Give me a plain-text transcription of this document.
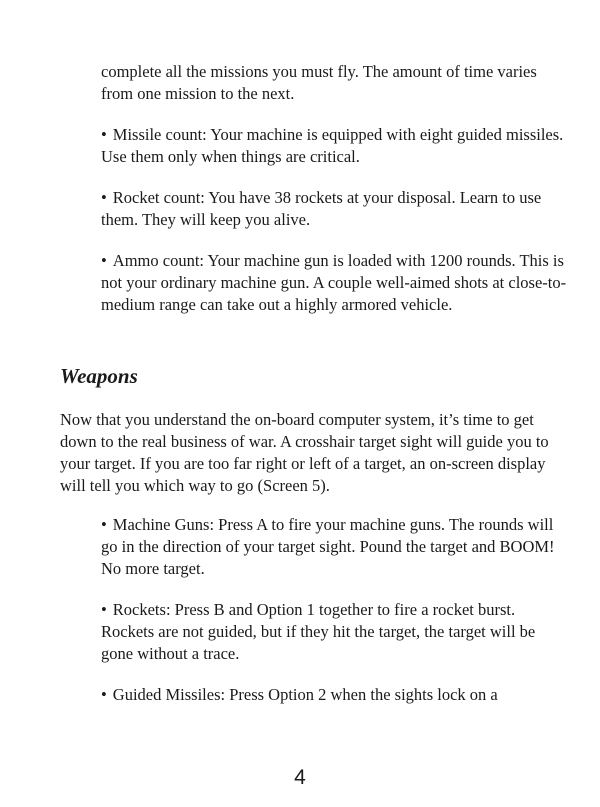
complete all the missions you must fly. The amount of time varies from one mission to the next.

• Missile count: Your machine is equipped with eight guided missiles. Use them only when things are critical.

• Rocket count: You have 38 rockets at your disposal. Learn to use them. They will keep you alive.

• Ammo count: Your machine gun is loaded with 1200 rounds. This is not your ordinary machine gun. A couple well-aimed shots at close-to-medium range can take out a highly armored vehicle.

Weapons

Now that you understand the on-board computer system, it’s time to get down to the real business of war. A crosshair target sight will guide you to your target. If you are too far right or left of a target, an on-screen display will tell you which way to go (Screen 5).

• Machine Guns: Press A to fire your machine guns. The rounds will go in the direction of your target sight. Pound the target and BOOM! No more target.

• Rockets: Press B and Option 1 together to fire a rocket burst. Rockets are not guided, but if they hit the target, the target will be gone without a trace.

• Guided Missiles: Press Option 2 when the sights lock on a

4
